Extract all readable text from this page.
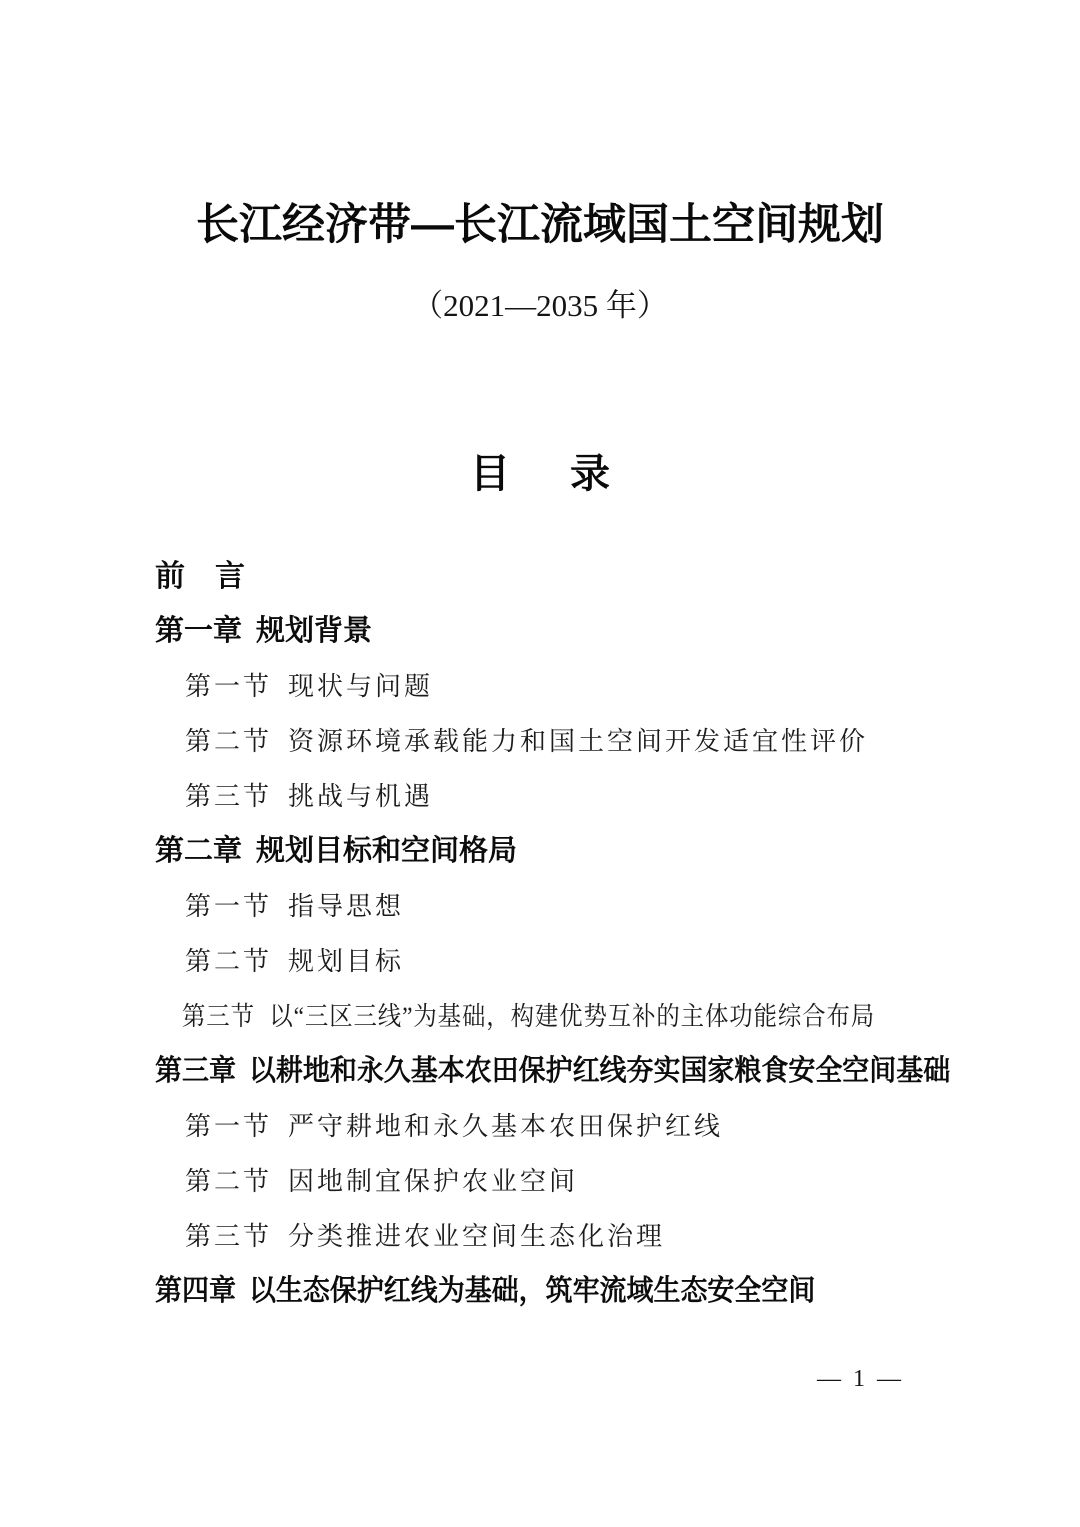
长江经济带—长江流域国土空间规划
（2021—2035 年）
目　录
前　言
第一章 规划背景
第一节 现状与问题
第二节 资源环境承载能力和国土空间开发适宜性评价
第三节 挑战与机遇
第二章 规划目标和空间格局
第一节 指导思想
第二节 规划目标
第三节 以“三区三线”为基础，构建优势互补的主体功能综合布局
第三章 以耕地和永久基本农田保护红线夯实国家粮食安全空间基础
第一节 严守耕地和永久基本农田保护红线
第二节 因地制宜保护农业空间
第三节 分类推进农业空间生态化治理
第四章 以生态保护红线为基础，筑牢流域生态安全空间
— 1 —
